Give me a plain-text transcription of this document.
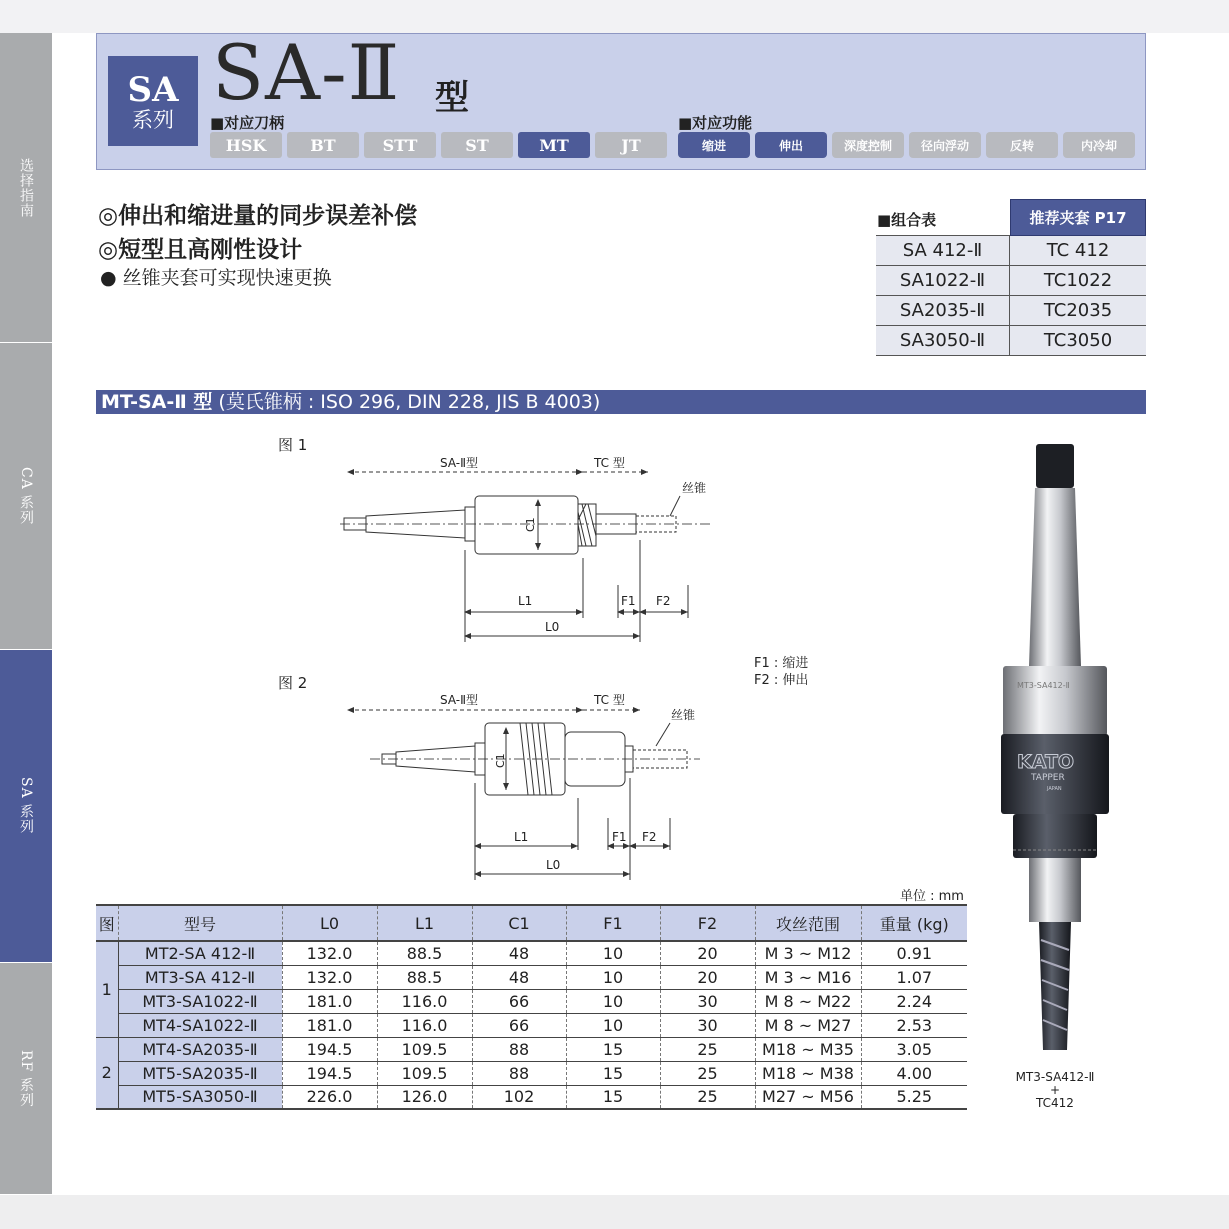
选择指南
CA 系列
SA 系列
RF 系列
SA
系列
SA-Ⅱ 型
■对应刀柄
HSK	BT	STT	ST	MT	JT
■对应功能
缩进	伸出	深度控制	径向浮动	反转	内冷却
◎伸出和缩进量的同步误差补偿
◎短型且高刚性设计
● 丝锥夹套可实现快速更换
■组合表	推荐夹套 P17
SA 412-Ⅱ	TC 412
SA1022-Ⅱ	TC1022
SA2035-Ⅱ	TC2035
SA3050-Ⅱ	TC3050
MT-SA-Ⅱ 型 (莫氏锥柄 : ISO 296, DIN 228, JIS B 4003)
图 1
图 2
F1 : 缩进
F2 : 伸出
SA-Ⅱ型	TC 型
丝锥
C1
L1	F1 F2
L0
SA-Ⅱ型	TC 型
丝锥
C1
L1	F1 F2
L0
MT3-SA412-Ⅱ
KATO
TAPPER
JAPAN
MT3-SA412-Ⅱ
+
TC412
单位 : mm
图	型号	L0	L1	C1	F1	F2	攻丝范围	重量 (kg)
1	MT2-SA 412-Ⅱ	132.0	88.5	48	10	20	M 3 ~ M12	0.91
	MT3-SA 412-Ⅱ	132.0	88.5	48	10	20	M 3 ~ M16	1.07
	MT3-SA1022-Ⅱ	181.0	116.0	66	10	30	M 8 ~ M22	2.24
	MT4-SA1022-Ⅱ	181.0	116.0	66	10	30	M 8 ~ M27	2.53
2	MT4-SA2035-Ⅱ	194.5	109.5	88	15	25	M18 ~ M35	3.05
	MT5-SA2035-Ⅱ	194.5	109.5	88	15	25	M18 ~ M38	4.00
	MT5-SA3050-Ⅱ	226.0	126.0	102	15	25	M27 ~ M56	5.25
